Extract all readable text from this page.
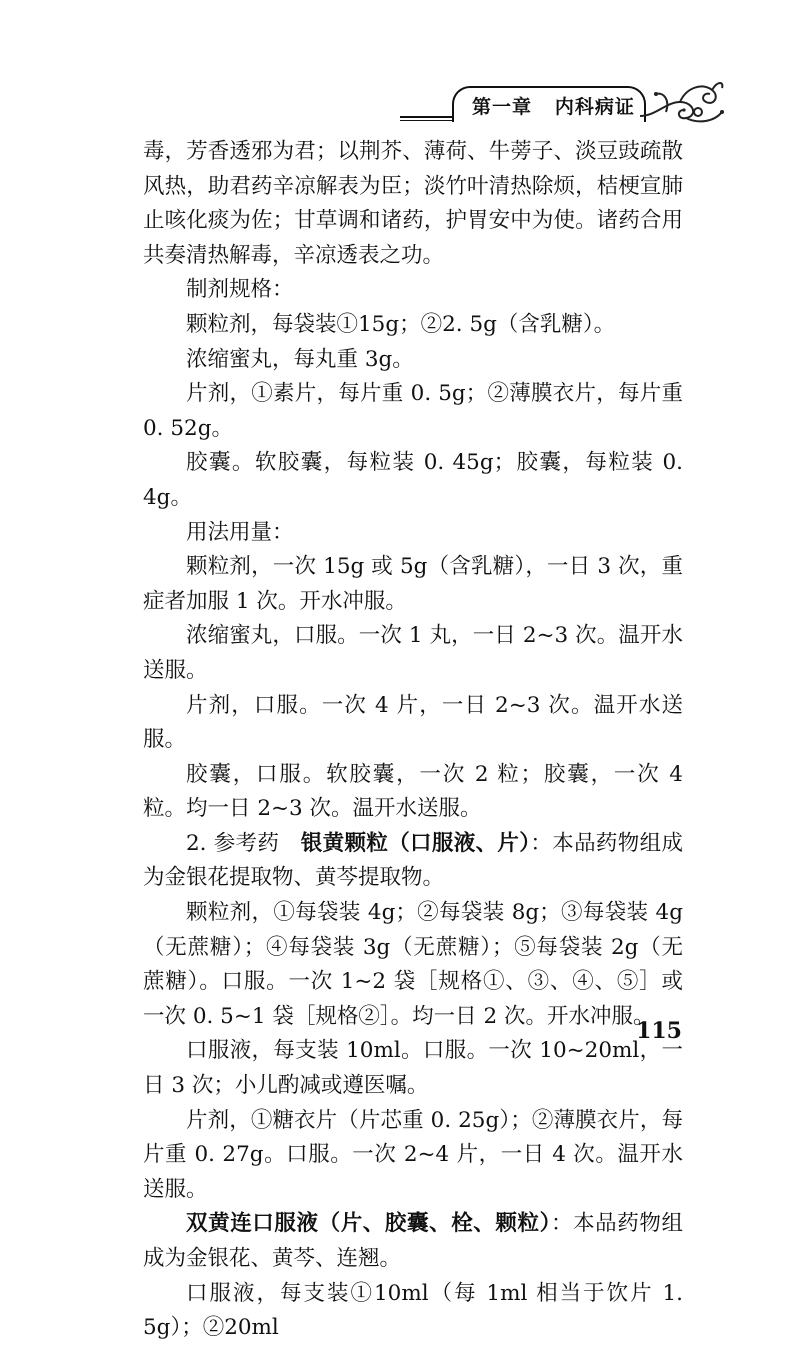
第一章   内科病证

毒，芳香透邪为君；以荆芥、薄荷、牛蒡子、淡豆豉疏散风热，助君药辛凉解表为臣；淡竹叶清热除烦，桔梗宣肺止咳化痰为佐；甘草调和诸药，护胃安中为使。诸药合用共奏清热解毒，辛凉透表之功。

制剂规格：

颗粒剂，每袋装①15g；②2. 5g（含乳糖）。

浓缩蜜丸，每丸重 3g。

片剂，①素片，每片重 0. 5g；②薄膜衣片，每片重 0. 52g。

胶囊。软胶囊，每粒装 0. 45g；胶囊，每粒装 0. 4g。

用法用量：

颗粒剂，一次 15g 或 5g（含乳糖），一日 3 次，重症者加服 1 次。开水冲服。

浓缩蜜丸，口服。一次 1 丸，一日 2~3 次。温开水送服。

片剂，口服。一次 4 片，一日 2~3 次。温开水送服。

胶囊，口服。软胶囊，一次 2 粒；胶囊，一次 4 粒。均一日 2~3 次。温开水送服。

2. 参考药   银黄颗粒（口服液、片）：本品药物组成为金银花提取物、黄芩提取物。

颗粒剂，①每袋装 4g；②每袋装 8g；③每袋装 4g（无蔗糖）；④每袋装 3g（无蔗糖）；⑤每袋装 2g（无蔗糖）。口服。一次 1~2 袋［规格①、③、④、⑤］或一次 0. 5~1 袋［规格②］。均一日 2 次。开水冲服。

口服液，每支装 10ml。口服。一次 10~20ml，一日 3 次；小儿酌减或遵医嘱。

片剂，①糖衣片（片芯重 0. 25g）；②薄膜衣片，每片重 0. 27g。口服。一次 2~4 片，一日 4 次。温开水送服。

双黄连口服液（片、胶囊、栓、颗粒）：本品药物组成为金银花、黄芩、连翘。

口服液，每支装①10ml（每 1ml 相当于饮片 1. 5g）；②20ml

115
